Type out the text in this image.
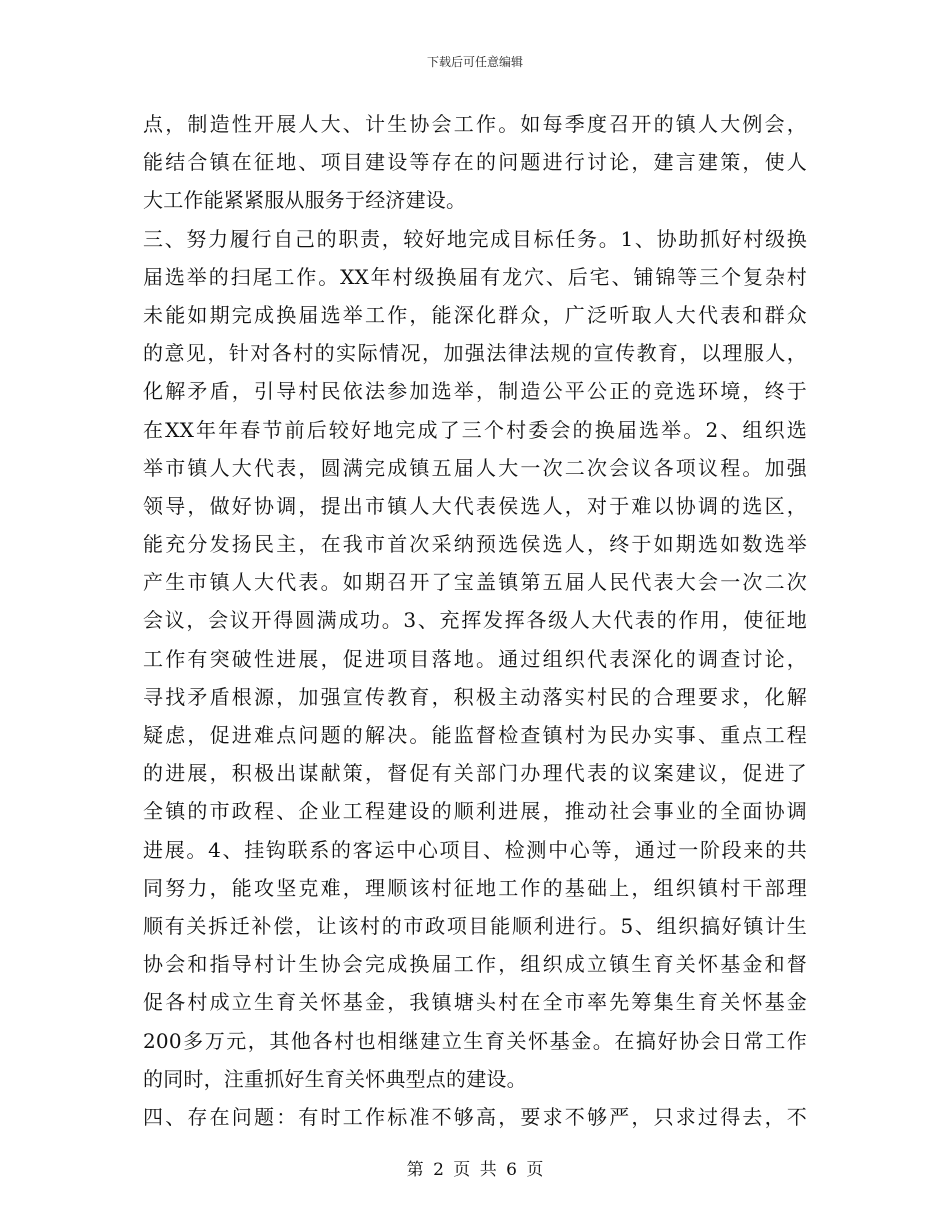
下载后可任意编辑
点，制造性开展人大、计生协会工作。如每季度召开的镇人大例会，
能结合镇在征地、项目建设等存在的问题进行讨论，建言建策，使人
大工作能紧紧服从服务于经济建设。
三、努力履行自己的职责，较好地完成目标任务。1、协助抓好村级换
届选举的扫尾工作。XX年村级换届有龙穴、后宅、铺锦等三个复杂村
未能如期完成换届选举工作，能深化群众，广泛听取人大代表和群众
的意见，针对各村的实际情况，加强法律法规的宣传教育，以理服人，
化解矛盾，引导村民依法参加选举，制造公平公正的竞选环境，终于
在XX年年春节前后较好地完成了三个村委会的换届选举。2、组织选
举市镇人大代表，圆满完成镇五届人大一次二次会议各项议程。加强
领导，做好协调，提出市镇人大代表侯选人，对于难以协调的选区，
能充分发扬民主，在我市首次采纳预选侯选人，终于如期选如数选举
产生市镇人大代表。如期召开了宝盖镇第五届人民代表大会一次二次
会议，会议开得圆满成功。3、充挥发挥各级人大代表的作用，使征地
工作有突破性进展，促进项目落地。通过组织代表深化的调查讨论，
寻找矛盾根源，加强宣传教育，积极主动落实村民的合理要求，化解
疑虑，促进难点问题的解决。能监督检查镇村为民办实事、重点工程
的进展，积极出谋献策，督促有关部门办理代表的议案建议，促进了
全镇的市政程、企业工程建设的顺利进展，推动社会事业的全面协调
进展。4、挂钩联系的客运中心项目、检测中心等，通过一阶段来的共
同努力，能攻坚克难，理顺该村征地工作的基础上，组织镇村干部理
顺有关拆迁补偿，让该村的市政项目能顺利进行。5、组织搞好镇计生
协会和指导村计生协会完成换届工作，组织成立镇生育关怀基金和督
促各村成立生育关怀基金，我镇塘头村在全市率先筹集生育关怀基金
200多万元，其他各村也相继建立生育关怀基金。在搞好协会日常工作
的同时，注重抓好生育关怀典型点的建设。
四、存在问题：有时工作标准不够高，要求不够严，只求过得去，不
第 2 页 共 6 页
